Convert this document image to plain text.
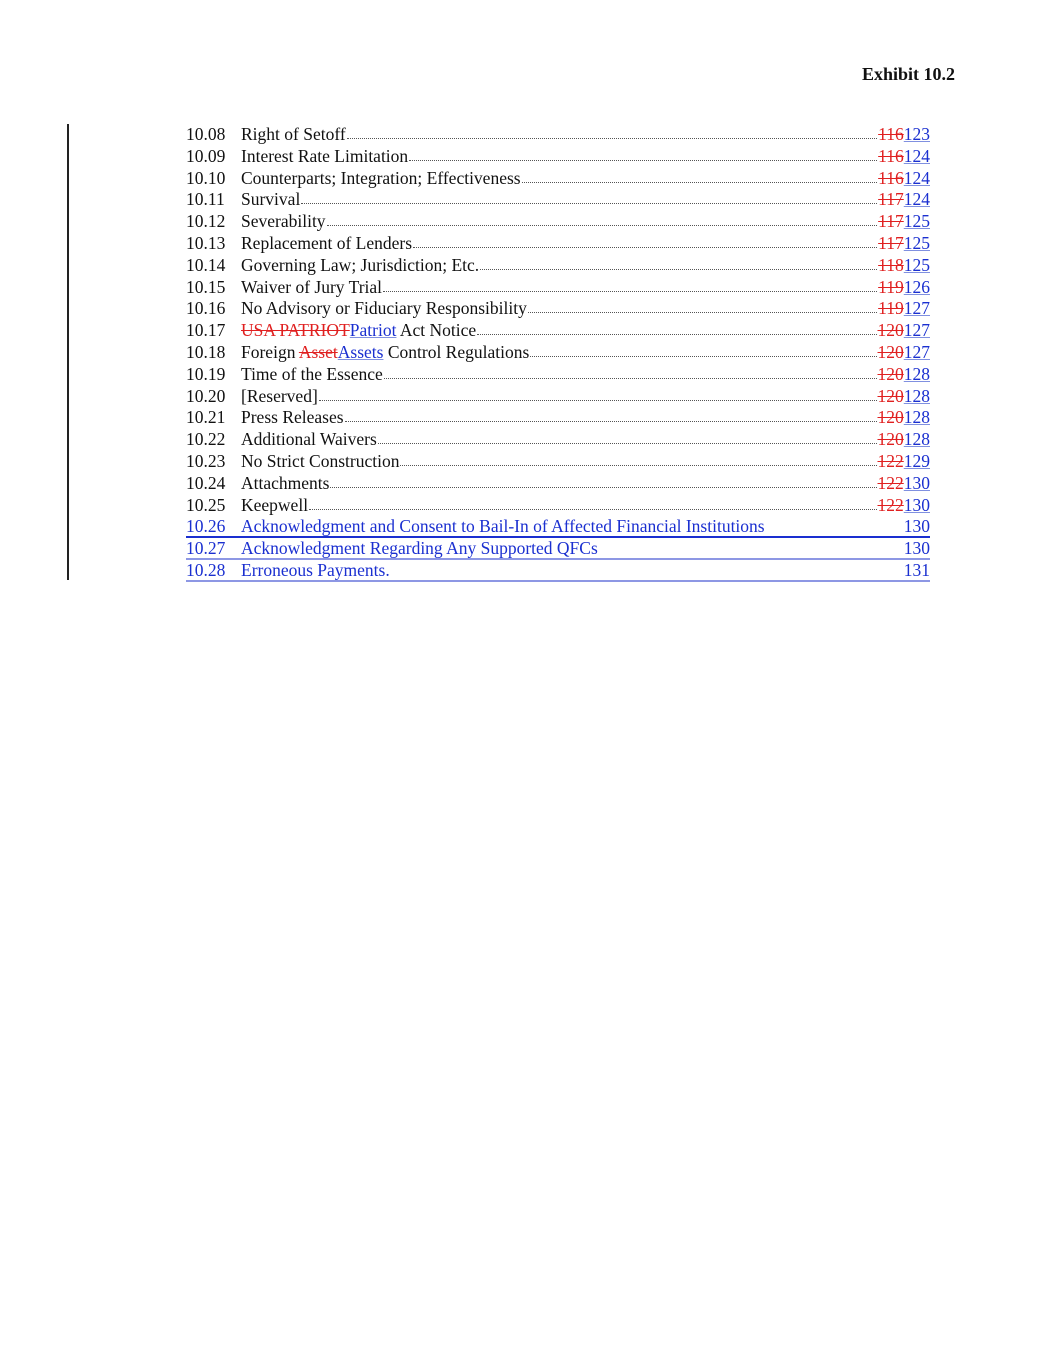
Exhibit 10.2
10.08 Right of Setoff	116123
10.09 Interest Rate Limitation	116124
10.10 Counterparts; Integration; Effectiveness	116124
10.11 Survival	117124
10.12 Severability	117125
10.13 Replacement of Lenders	117125
10.14 Governing Law; Jurisdiction; Etc.	118125
10.15 Waiver of Jury Trial	119126
10.16 No Advisory or Fiduciary Responsibility	119127
10.17 USA PATRIOTPatriot Act Notice	120127
10.18 Foreign AssetAssets Control Regulations	120127
10.19 Time of the Essence	120128
10.20 [Reserved]	120128
10.21 Press Releases	120128
10.22 Additional Waivers	120128
10.23 No Strict Construction	122129
10.24 Attachments	122130
10.25 Keepwell	122130
10.26 Acknowledgment and Consent to Bail-In of Affected Financial Institutions	130
10.27 Acknowledgment Regarding Any Supported QFCs	130
10.28 Erroneous Payments.	131
